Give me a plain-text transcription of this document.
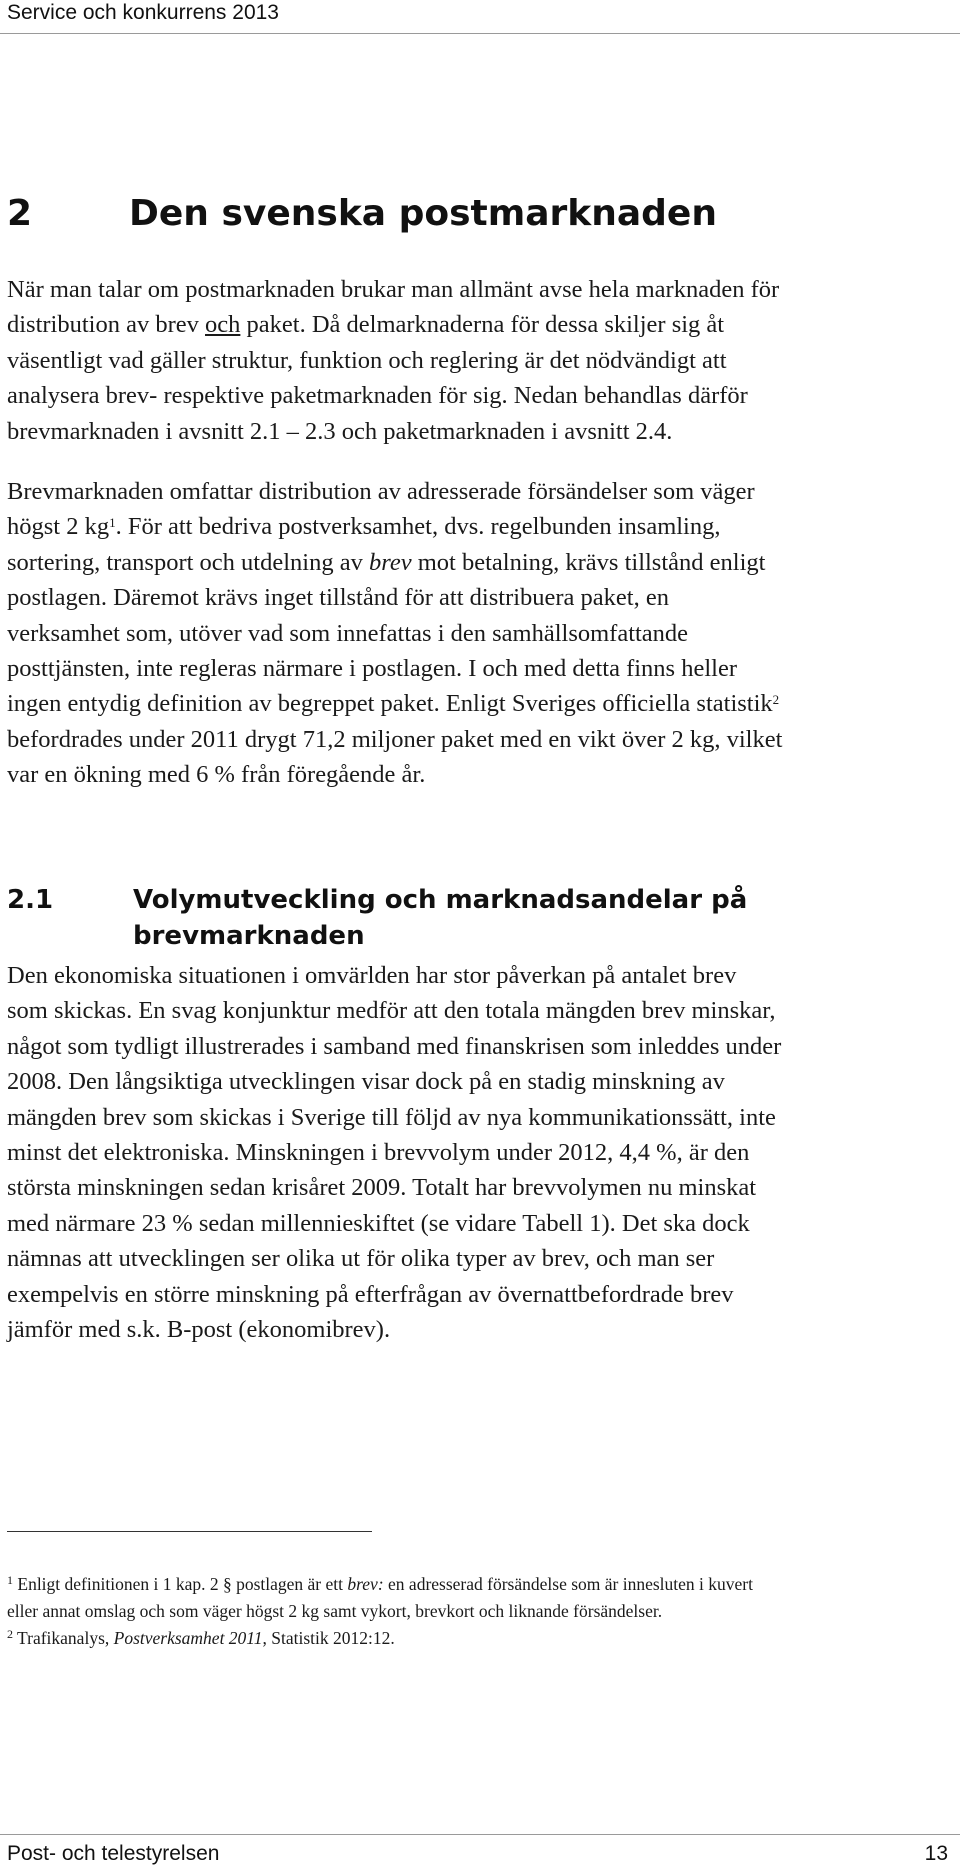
Service och konkurrens 2013
2	Den svenska postmarknaden
När man talar om postmarknaden brukar man allmänt avse hela marknaden för
distribution av brev och paket. Då delmarknaderna för dessa skiljer sig åt
väsentligt vad gäller struktur, funktion och reglering är det nödvändigt att
analysera brev- respektive paketmarknaden för sig. Nedan behandlas därför
brevmarknaden i avsnitt 2.1 – 2.3 och paketmarknaden i avsnitt 2.4.
Brevmarknaden omfattar distribution av adresserade försändelser som väger
högst 2 $kg^1$. För att bedriva postverksamhet, dvs. regelbunden insamling,
sortering, transport och utdelning av brev mot betalning, krävs tillstånd enligt
postlagen. Däremot krävs inget tillstånd för att distribuera paket, en
verksamhet som, utöver vad som innefattas i den samhällsomfattande
posttjänsten, inte regleras närmare i postlagen. I och med detta finns heller
ingen entydig definition av begreppet paket. Enligt Sveriges officiella statistik$^2$
befordrades under 2011 drygt 71,2 miljoner paket med en vikt över 2 kg, vilket
var en ökning med 6 % från föregående år.
2.1	Volymutveckling och marknadsandelar på
brevmarknaden
Den ekonomiska situationen i omvärlden har stor påverkan på antalet brev
som skickas. En svag konjunktur medför att den totala mängden brev minskar,
något som tydligt illustrerades i samband med finanskrisen som inleddes under
2008. Den långsiktiga utvecklingen visar dock på en stadig minskning av
mängden brev som skickas i Sverige till följd av nya kommunikationssätt, inte
minst det elektroniska. Minskningen i brevvolym under 2012, 4,4 %, är den
största minskningen sedan krisåret 2009. Totalt har brevvolymen nu minskat
med närmare 23 % sedan millennieskiftet (se vidare Tabell 1). Det ska dock
nämnas att utvecklingen ser olika ut för olika typer av brev, och man ser
exempelvis en större minskning på efterfrågan av övernattbefordrade brev
jämför med s.k. B-post (ekonomibrev).
$^1$ Enligt definitionen i 1 kap. 2 § postlagen är ett brev: en adresserad försändelse som är innesluten i kuvert
eller annat omslag och som väger högst 2 kg samt vykort, brevkort och liknande försändelser.
$^2$ Trafikanalys, Postverksamhet 2011, Statistik 2012:12.
Post- och telestyrelsen	13
